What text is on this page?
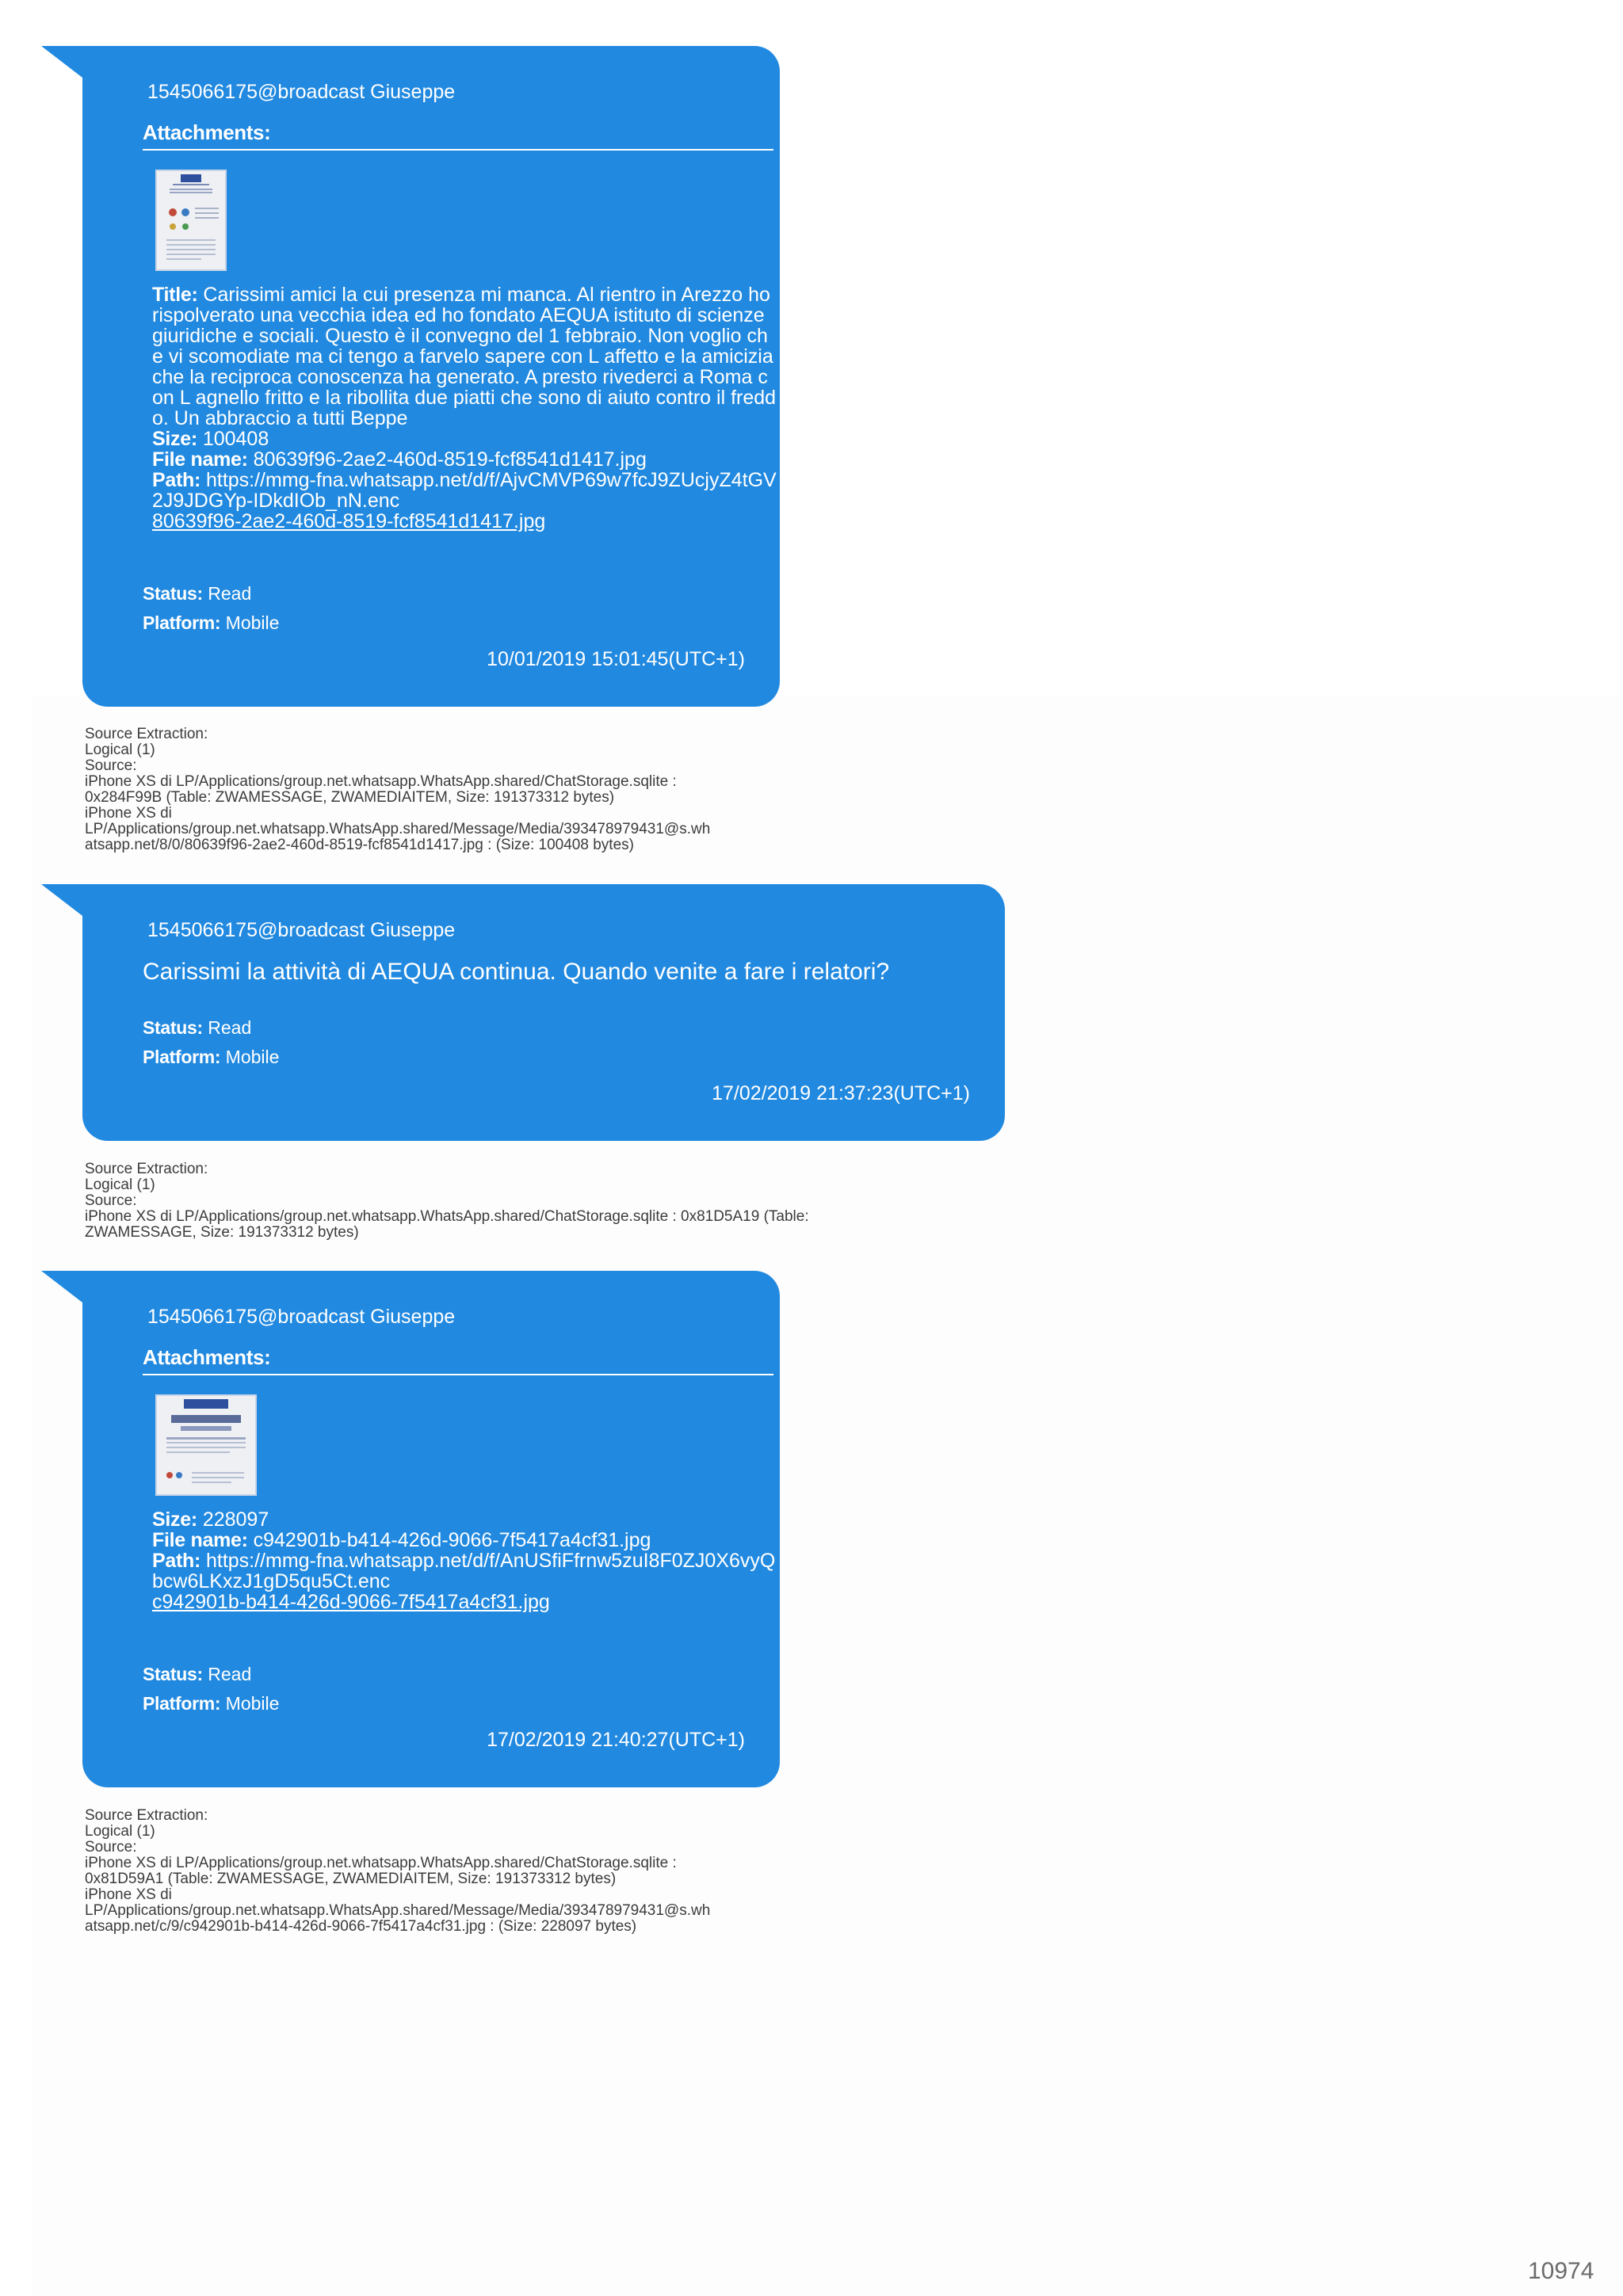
1545066175@broadcast Giuseppe
Attachments:
Title: Carissimi amici la cui presenza mi manca. Al rientro in Arezzo ho rispolverato una vecchia idea ed ho fondato AEQUA istituto di scienze giuridiche e sociali. Questo è il convegno del 1 febbraio. Non voglio che vi scomodiate ma ci tengo a farvelo sapere con L affetto e la amicizia che la reciproca conoscenza ha generato. A presto rivederci a Roma con L agnello fritto e la ribollita due piatti che sono di aiuto contro il freddo. Un abbraccio a tutti Beppe
Size: 100408
File name: 80639f96-2ae2-460d-8519-fcf8541d1417.jpg
Path: https://mmg-fna.whatsapp.net/d/f/AjvCMVP69w7fcJ9ZUcjyZ4tGV2J9JDGYp-IDkdIOb_nN.enc
80639f96-2ae2-460d-8519-fcf8541d1417.jpg
Status: Read
Platform: Mobile
10/01/2019 15:01:45(UTC+1)
Source Extraction:
Logical (1)
Source:
iPhone XS di LP/Applications/group.net.whatsapp.WhatsApp.shared/ChatStorage.sqlite :
0x284F99B (Table: ZWAMESSAGE, ZWAMEDIAITEM, Size: 191373312 bytes)
iPhone XS di
LP/Applications/group.net.whatsapp.WhatsApp.shared/Message/Media/393478979431@s.wh
atsapp.net/8/0/80639f96-2ae2-460d-8519-fcf8541d1417.jpg : (Size: 100408 bytes)
1545066175@broadcast Giuseppe
Carissimi la attività di AEQUA continua. Quando venite a fare i relatori?
Status: Read
Platform: Mobile
17/02/2019 21:37:23(UTC+1)
Source Extraction:
Logical (1)
Source:
iPhone XS di LP/Applications/group.net.whatsapp.WhatsApp.shared/ChatStorage.sqlite : 0x81D5A19 (Table:
ZWAMESSAGE, Size: 191373312 bytes)
1545066175@broadcast Giuseppe
Attachments:
Size: 228097
File name: c942901b-b414-426d-9066-7f5417a4cf31.jpg
Path: https://mmg-fna.whatsapp.net/d/f/AnUSfiFfrnw5zuI8F0ZJ0X6vyQbcw6LKxzJ1gD5qu5Ct.enc
c942901b-b414-426d-9066-7f5417a4cf31.jpg
Status: Read
Platform: Mobile
17/02/2019 21:40:27(UTC+1)
Source Extraction:
Logical (1)
Source:
iPhone XS di LP/Applications/group.net.whatsapp.WhatsApp.shared/ChatStorage.sqlite :
0x81D59A1 (Table: ZWAMESSAGE, ZWAMEDIAITEM, Size: 191373312 bytes)
iPhone XS di
LP/Applications/group.net.whatsapp.WhatsApp.shared/Message/Media/393478979431@s.wh
atsapp.net/c/9/c942901b-b414-426d-9066-7f5417a4cf31.jpg : (Size: 228097 bytes)
10974
